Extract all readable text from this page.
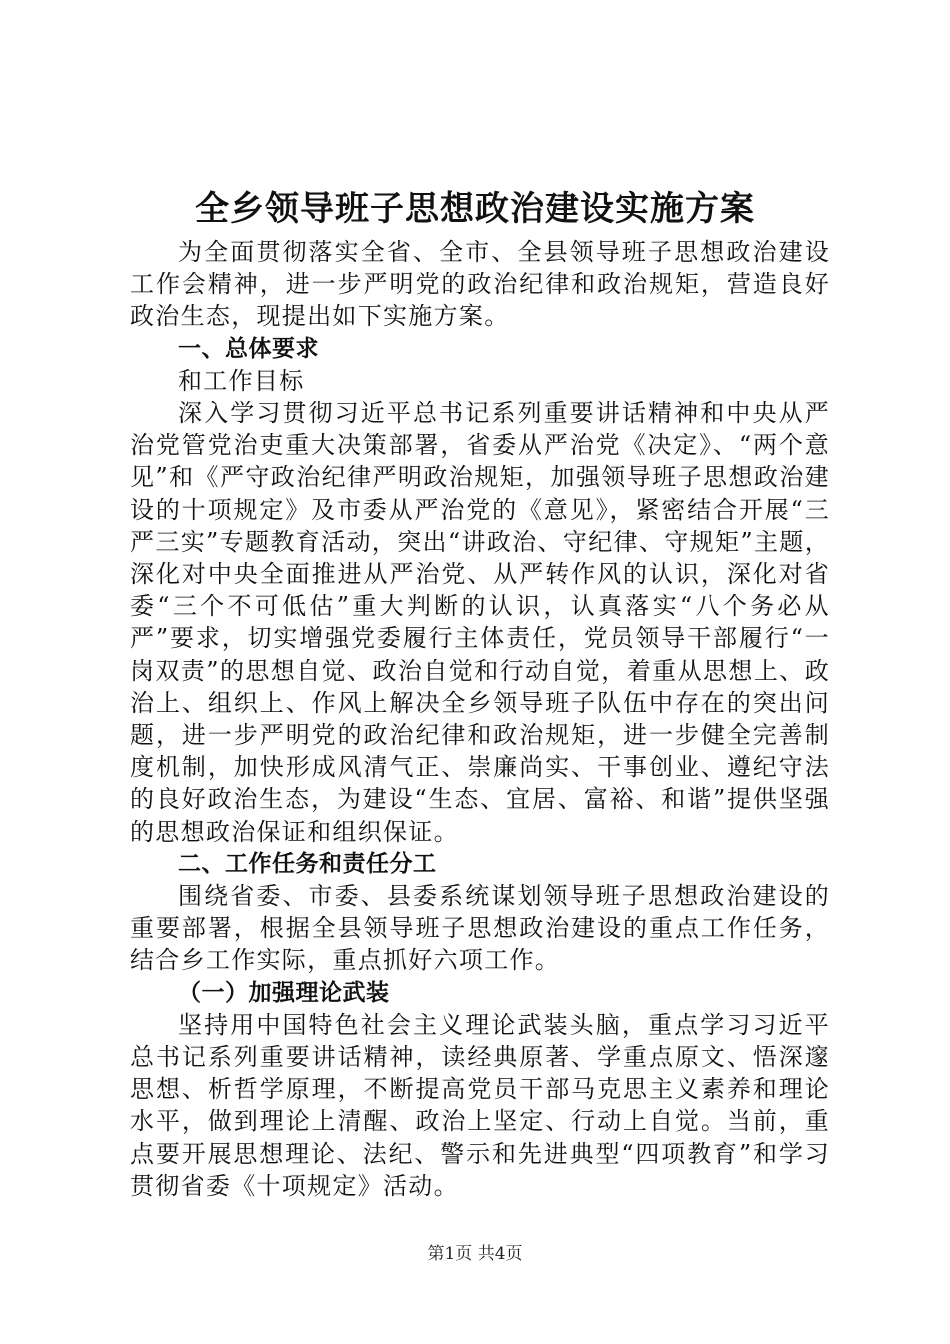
全乡领导班子思想政治建设实施方案

为全面贯彻落实全省、全市、全县领导班子思想政治建设工作会精神，进一步严明党的政治纪律和政治规矩，营造良好政治生态，现提出如下实施方案。

一、总体要求

和工作目标

深入学习贯彻习近平总书记系列重要讲话精神和中央从严治党管党治吏重大决策部署，省委从严治党《决定》、“两个意见”和《严守政治纪律严明政治规矩，加强领导班子思想政治建设的十项规定》及市委从严治党的《意见》，紧密结合开展“三严三实”专题教育活动，突出“讲政治、守纪律、守规矩”主题，深化对中央全面推进从严治党、从严转作风的认识，深化对省委“三个不可低估”重大判断的认识，认真落实“八个务必从严”要求，切实增强党委履行主体责任，党员领导干部履行“一岗双责”的思想自觉、政治自觉和行动自觉，着重从思想上、政治上、组织上、作风上解决全乡领导班子队伍中存在的突出问题，进一步严明党的政治纪律和政治规矩，进一步健全完善制度机制，加快形成风清气正、崇廉尚实、干事创业、遵纪守法的良好政治生态，为建设“生态、宜居、富裕、和谐”提供坚强的思想政治保证和组织保证。

二、工作任务和责任分工

围绕省委、市委、县委系统谋划领导班子思想政治建设的重要部署，根据全县领导班子思想政治建设的重点工作任务，结合乡工作实际，重点抓好六项工作。

（一）加强理论武装

坚持用中国特色社会主义理论武装头脑，重点学习习近平总书记系列重要讲话精神，读经典原著、学重点原文、悟深邃思想、析哲学原理，不断提高党员干部马克思主义素养和理论水平，做到理论上清醒、政治上坚定、行动上自觉。当前，重点要开展思想理论、法纪、警示和先进典型“四项教育”和学习贯彻省委《十项规定》活动。

第1页 共4页
